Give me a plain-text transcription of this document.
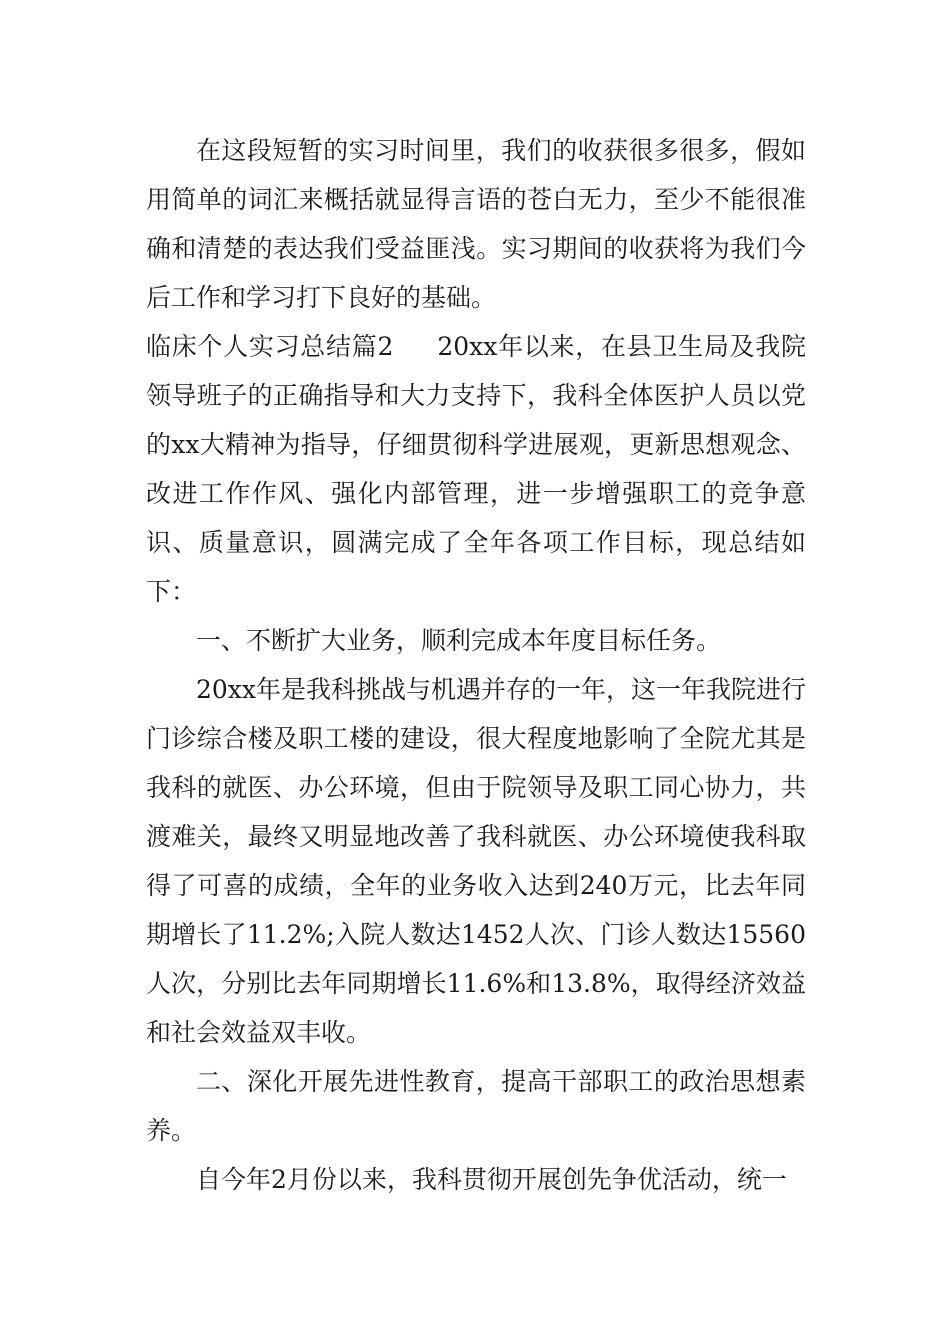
在这段短暂的实习时间里，我们的收获很多很多，假如用简单的词汇来概括就显得言语的苍白无力，至少不能很准确和清楚的表达我们受益匪浅。实习期间的收获将为我们今后工作和学习打下良好的基础。

临床个人实习总结篇2 20xx年以来，在县卫生局及我院领导班子的正确指导和大力支持下，我科全体医护人员以党的xx大精神为指导，仔细贯彻科学进展观，更新思想观念、改进工作作风、强化内部管理，进一步增强职工的竞争意识、质量意识，圆满完成了全年各项工作目标，现总结如下：

一、不断扩大业务，顺利完成本年度目标任务。

20xx年是我科挑战与机遇并存的一年，这一年我院进行门诊综合楼及职工楼的建设，很大程度地影响了全院尤其是我科的就医、办公环境，但由于院领导及职工同心协力，共渡难关，最终又明显地改善了我科就医、办公环境使我科取得了可喜的成绩，全年的业务收入达到240万元，比去年同期增长了11.2%;入院人数达1452人次、门诊人数达15560人次，分别比去年同期增长11.6%和13.8%，取得经济效益和社会效益双丰收。

二、深化开展先进性教育，提高干部职工的政治思想素养。

自今年2月份以来，我科贯彻开展创先争优活动，统一
